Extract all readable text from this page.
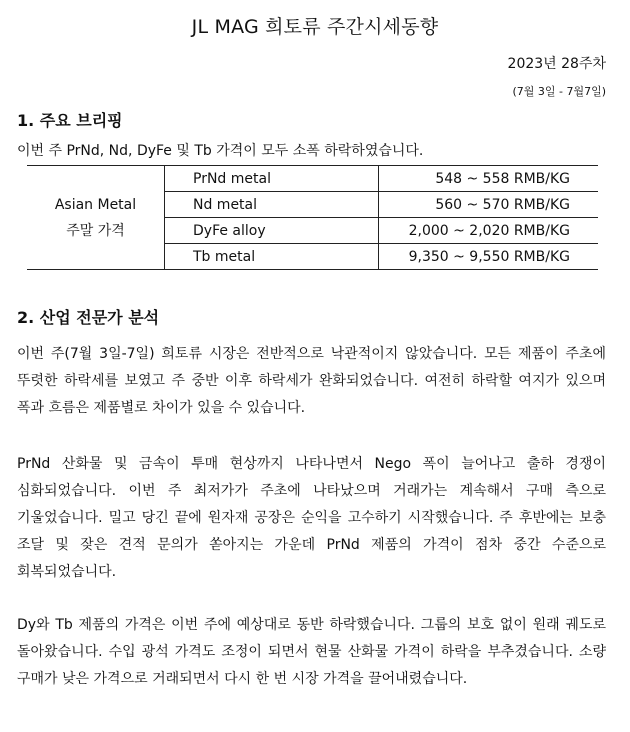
JL MAG 희토류 주간시세동향
2023년 28주차
(7월 3일 - 7월7일)
1. 주요 브리핑
이번 주 PrNd, Nd, DyFe 및 Tb 가격이 모두 소폭 하락하였습니다.
Asian Metal
주말 가격	PrNd metal	548 ~ 558 RMB/KG
	Nd metal	560 ~ 570 RMB/KG
	DyFe alloy	2,000 ~ 2,020 RMB/KG
	Tb metal	9,350 ~ 9,550 RMB/KG
2. 산업 전문가 분석

이번 주(7월 3일-7일) 희토류 시장은 전반적으로 낙관적이지 않았습니다. 모든 제품이 주초에 뚜렷한 하락세를 보였고 주 중반 이후 하락세가 완화되었습니다. 여전히 하락할 여지가 있으며 폭과 흐름은 제품별로 차이가 있을 수 있습니다.

PrNd 산화물 및 금속이 투매 현상까지 나타나면서 Nego 폭이 늘어나고 출하 경쟁이 심화되었습니다. 이번 주 최저가가 주초에 나타났으며 거래가는 계속해서 구매 측으로 기울었습니다. 밀고 당긴 끝에 원자재 공장은 순익을 고수하기 시작했습니다. 주 후반에는 보충 조달 및 잦은 견적 문의가 쏟아지는 가운데 PrNd 제품의 가격이 점차 중간 수준으로 회복되었습니다.

Dy와 Tb 제품의 가격은 이번 주에 예상대로 동반 하락했습니다. 그룹의 보호 없이 원래 궤도로 돌아왔습니다. 수입 광석 가격도 조정이 되면서 현물 산화물 가격이 하락을 부추겼습니다. 소량 구매가 낮은 가격으로 거래되면서 다시 한 번 시장 가격을 끌어내렸습니다.
